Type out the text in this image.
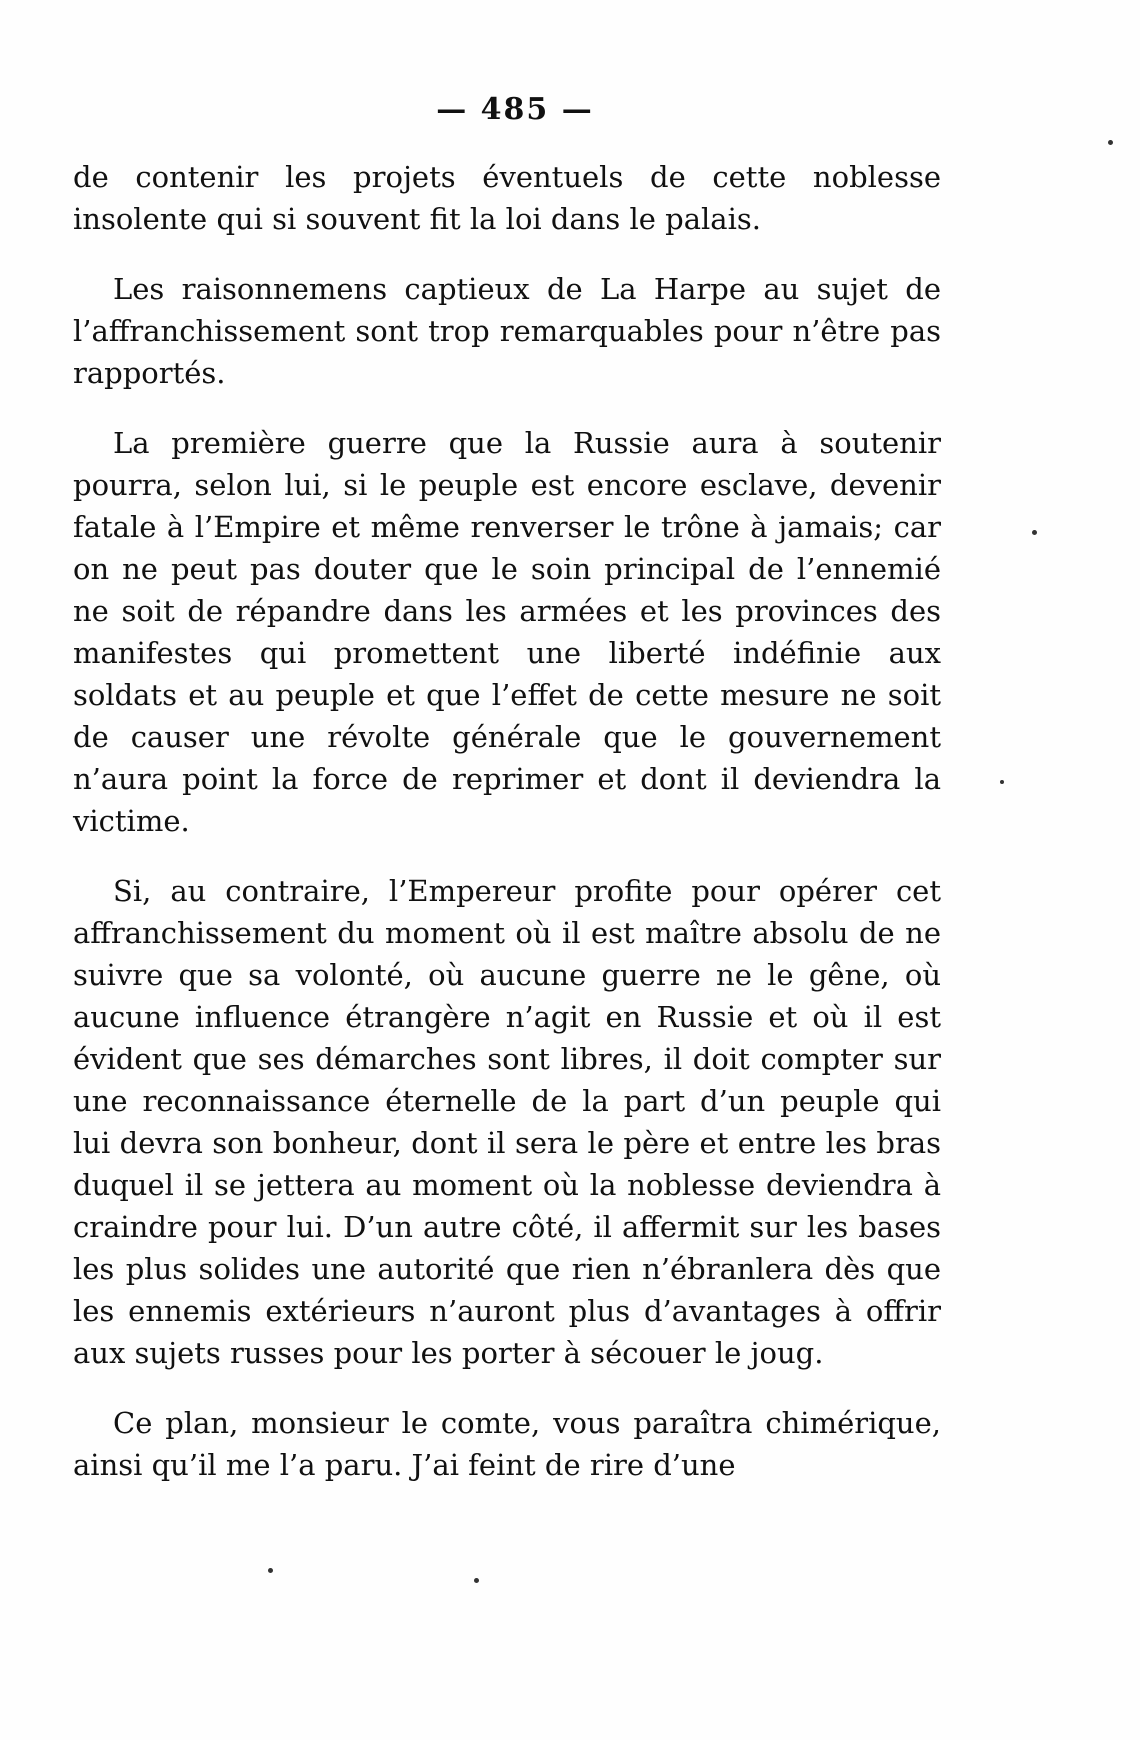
— 485 —

de contenir les projets éventuels de cette noblesse insolente qui si souvent fit la loi dans le palais.

Les raisonnemens captieux de La Harpe au sujet de l’affranchissement sont trop remarquables pour n’être pas rapportés.

La première guerre que la Russie aura à soutenir pourra, selon lui, si le peuple est encore esclave, devenir fatale à l’Empire et même renverser le trône à jamais; car on ne peut pas douter que le soin principal de l’ennemié ne soit de répandre dans les armées et les provinces des manifestes qui promettent une liberté indéfinie aux soldats et au peuple et que l’effet de cette mesure ne soit de causer une révolte générale que le gouvernement n’aura point la force de reprimer et dont il deviendra la victime.

Si, au contraire, l’Empereur profite pour opérer cet affranchissement du moment où il est maître absolu de ne suivre que sa volonté, où aucune guerre ne le gêne, où aucune influence étrangère n’agit en Russie et où il est évident que ses démarches sont libres, il doit compter sur une reconnaissance éternelle de la part d’un peuple qui lui devra son bonheur, dont il sera le père et entre les bras duquel il se jettera au moment où la noblesse deviendra à craindre pour lui. D’un autre côté, il affermit sur les bases les plus solides une autorité que rien n’ébranlera dès que les ennemis extérieurs n’auront plus d’avantages à offrir aux sujets russes pour les porter à sécouer le joug.

Ce plan, monsieur le comte, vous paraîtra chimérique, ainsi qu’il me l’a paru. J’ai feint de rire d’une
